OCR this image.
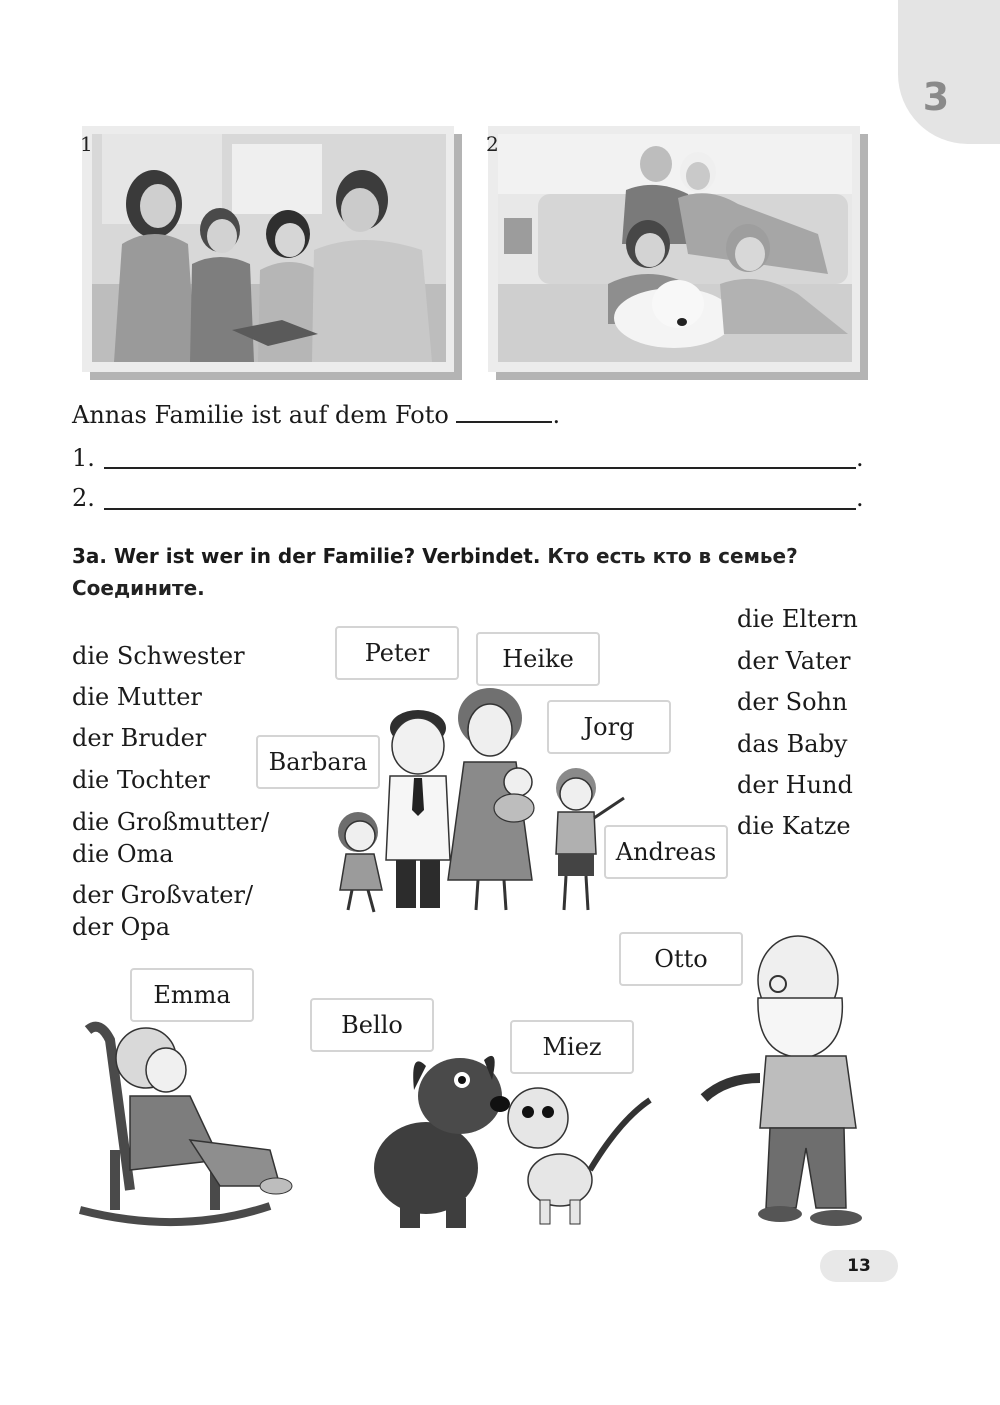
3
1	2
Annas Familie ist auf dem Foto	.
1.	.
2.	.
3a. Wer ist wer in der Familie? Verbindet. Кто есть кто в семье? Соедините.
die Schwester
die Mutter
der Bruder
die Tochter
die Großmutter/
die Oma
der Großvater/
der Opa
die Eltern
der Vater
der Sohn
das Baby
der Hund
die Katze
Peter	Heike
Jorg
Barbara
Andreas
Emma
Bello
Miez
Otto
13
